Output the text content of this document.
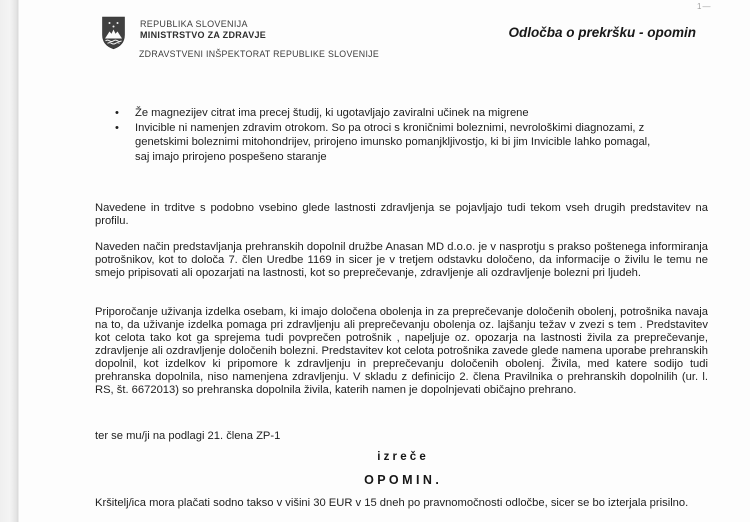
1—
REPUBLIKA SLOVENIJA
MINISTRSTVO ZA ZDRAVJE
ZDRAVSTVENI INŠPEKTORAT REPUBLIKE SLOVENIJE
Odločba o prekršku - opomin
•	Že magnezijev citrat ima precej študij, ki ugotavljajo zaviralni učinek na migrene
•	Invicible ni namenjen zdravim otrokom. So pa otroci s kroničnimi boleznimi, nevrološkimi diagnozami, z genetskimi boleznimi mitohondrijev, prirojeno imunsko pomanjkljivostjo, ki bi jim Invicible lahko pomagal, saj imajo prirojeno pospešeno staranje

Navedene in trditve s podobno vsebino glede lastnosti zdravljenja se pojavljajo tudi tekom vseh drugih predstavitev na profilu.

Naveden način predstavljanja prehranskih dopolnil družbe Anasan MD d.o.o. je v nasprotju s prakso poštenega informiranja potrošnikov, kot to določa 7. člen Uredbe 1169 in sicer je v tretjem odstavku določeno, da informacije o živilu le temu ne smejo pripisovati ali opozarjati na lastnosti, kot so preprečevanje, zdravljenje ali ozdravljenje bolezni pri ljudeh.

Priporočanje uživanja izdelka osebam, ki imajo določena obolenja in za preprečevanje določenih obolenj, potrošnika navaja na to, da uživanje izdelka pomaga pri zdravljenju ali preprečevanju obolenja oz. lajšanju težav v zvezi s tem . Predstavitev kot celota tako kot ga sprejema tudi povprečen potrošnik , napeljuje oz. opozarja na lastnosti živila za preprečevanje, zdravljenje ali ozdravljenje določenih bolezni. Predstavitev kot celota potrošnika zavede glede namena uporabe prehranskih dopolnil, kot izdelkov ki pripomore k zdravljenju in preprečevanju določenih obolenj. Živila, med katere sodijo tudi prehranska dopolnila, niso namenjena zdravljenju. V skladu z definicijo 2. člena Pravilnika o prehranskih dopolnilih (ur. l. RS, št. 6672013) so prehranska dopolnila živila, katerih namen je dopolnjevati običajno prehrano.

ter se mu/ji na podlagi 21. člena ZP-1

i z r e č e
O P O M I N .

Kršitelj/ica mora plačati sodno takso v višini 30 EUR v 15 dneh po pravnomočnosti odločbe, sicer se bo izterjala prisilno.
